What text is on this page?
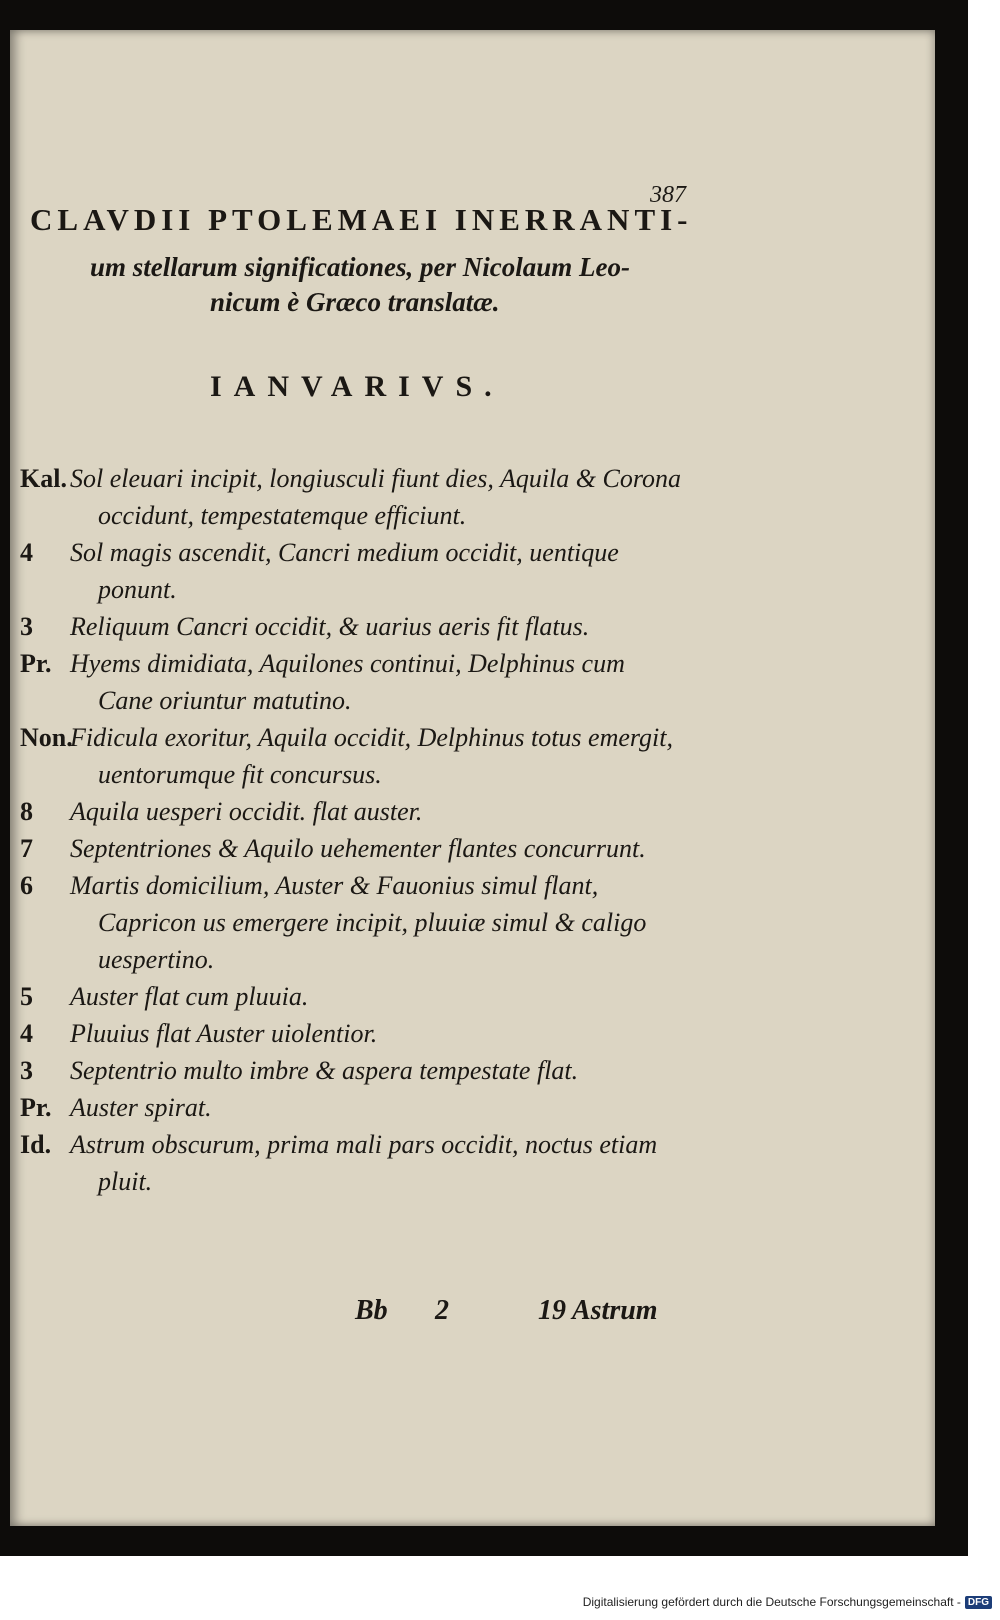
387
CLAVDII PTOLEMAEI INERRANTI-
um stellarum significationes, per Nicolaum Leo-
nicum è Græco translatæ.
IANVARIVS.
Kal. Sol eleuari incipit, longiusculi fiunt dies, Aquila & Corona occidunt, tempestatemque efficiunt.
4 Sol magis ascendit, Cancri medium occidit, uentique ponunt.
3 Reliquum Cancri occidit, & uarius aeris fit flatus.
Pr. Hyems dimidiata, Aquilones continui, Delphinus cum Cane oriuntur matutino.
Non.Fidicula exoritur, Aquila occidit, Delphinus totus emergit, uentorumque fit concursus.
8 Aquila uesperi occidit. flat auster.
7 Septentriones & Aquilo uehementer flantes concurrunt.
6 Martis domicilium, Auster & Fauonius simul flant, Capricon us emergere incipit, pluuiæ simul & caligo uespertino.
5 Auster flat cum pluuia.
4 Pluuius flat Auster uiolentior.
3 Septentrio multo imbre & aspera tempestate flat.
Pr. Auster spirat.
Id. Astrum obscurum, prima mali pars occidit, noctus etiam pluit.
Bb 2	19 Astrum
Digitalisierung gefördert durch die Deutsche Forschungsgemeinschaft - DFG
